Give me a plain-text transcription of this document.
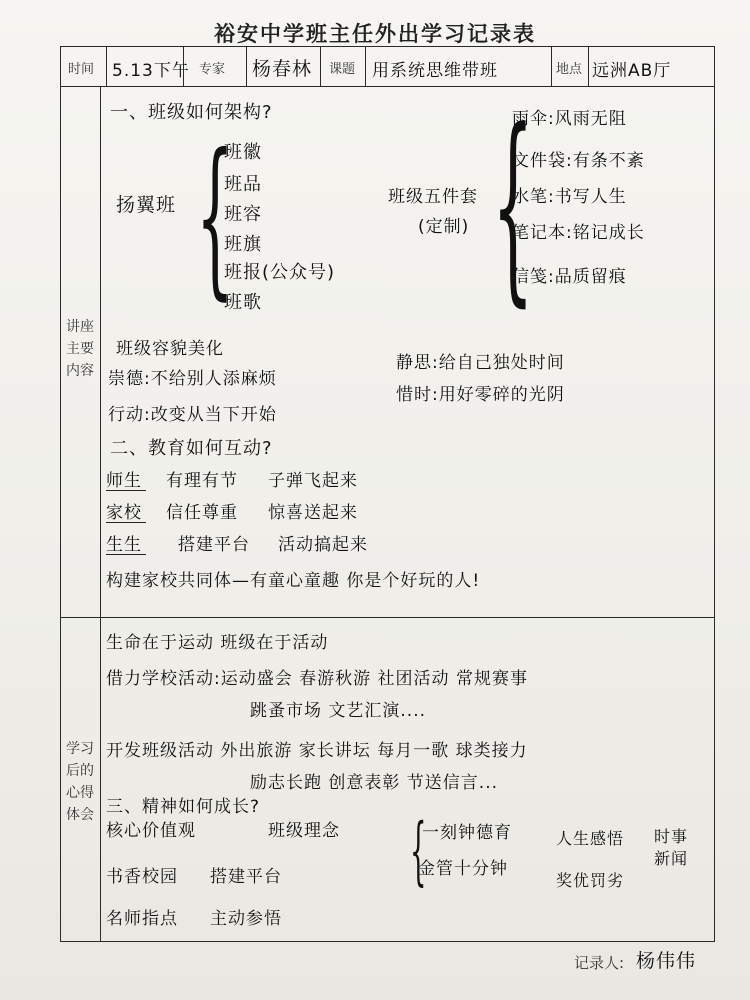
裕安中学班主任外出学习记录表
时间 5.13下午 专家 杨春林 课题 用系统思维带班	地点 远洲AB厅
讲座
主要
内容
学习
后的
心得
体会
一、班级如何架构?
扬翼班 {
班徽
班品
班容
班旗
班报(公众号)
班歌
班级五件套
(定制) {
雨伞:风雨无阻
文件袋:有条不紊
水笔:书写人生
笔记本:铭记成长
信笺:品质留痕
班级容貌美化
崇德:不给别人添麻烦
行动:改变从当下开始
静思:给自己独处时间
惜时:用好零碎的光阴
二、教育如何互动?
师生 有理有节 子弹飞起来
家校 信任尊重 惊喜送起来
生生 搭建平台 活动搞起来
构建家校共同体—有童心童趣 你是个好玩的人!
生命在于运动 班级在于活动
借力学校活动:运动盛会 春游秋游 社团活动 常规赛事
跳蚤市场 文艺汇演....
开发班级活动 外出旅游 家长讲坛 每月一歌 球类接力
励志长跑 创意表彰 节送信言...
三、精神如何成长?
核心价值观	班级理念 {
一刻钟德育
金管十分钟
人生感悟
奖优罚劣
时事新闻
书香校园 搭建平台
名师指点 主动参悟
记录人: 杨伟伟
